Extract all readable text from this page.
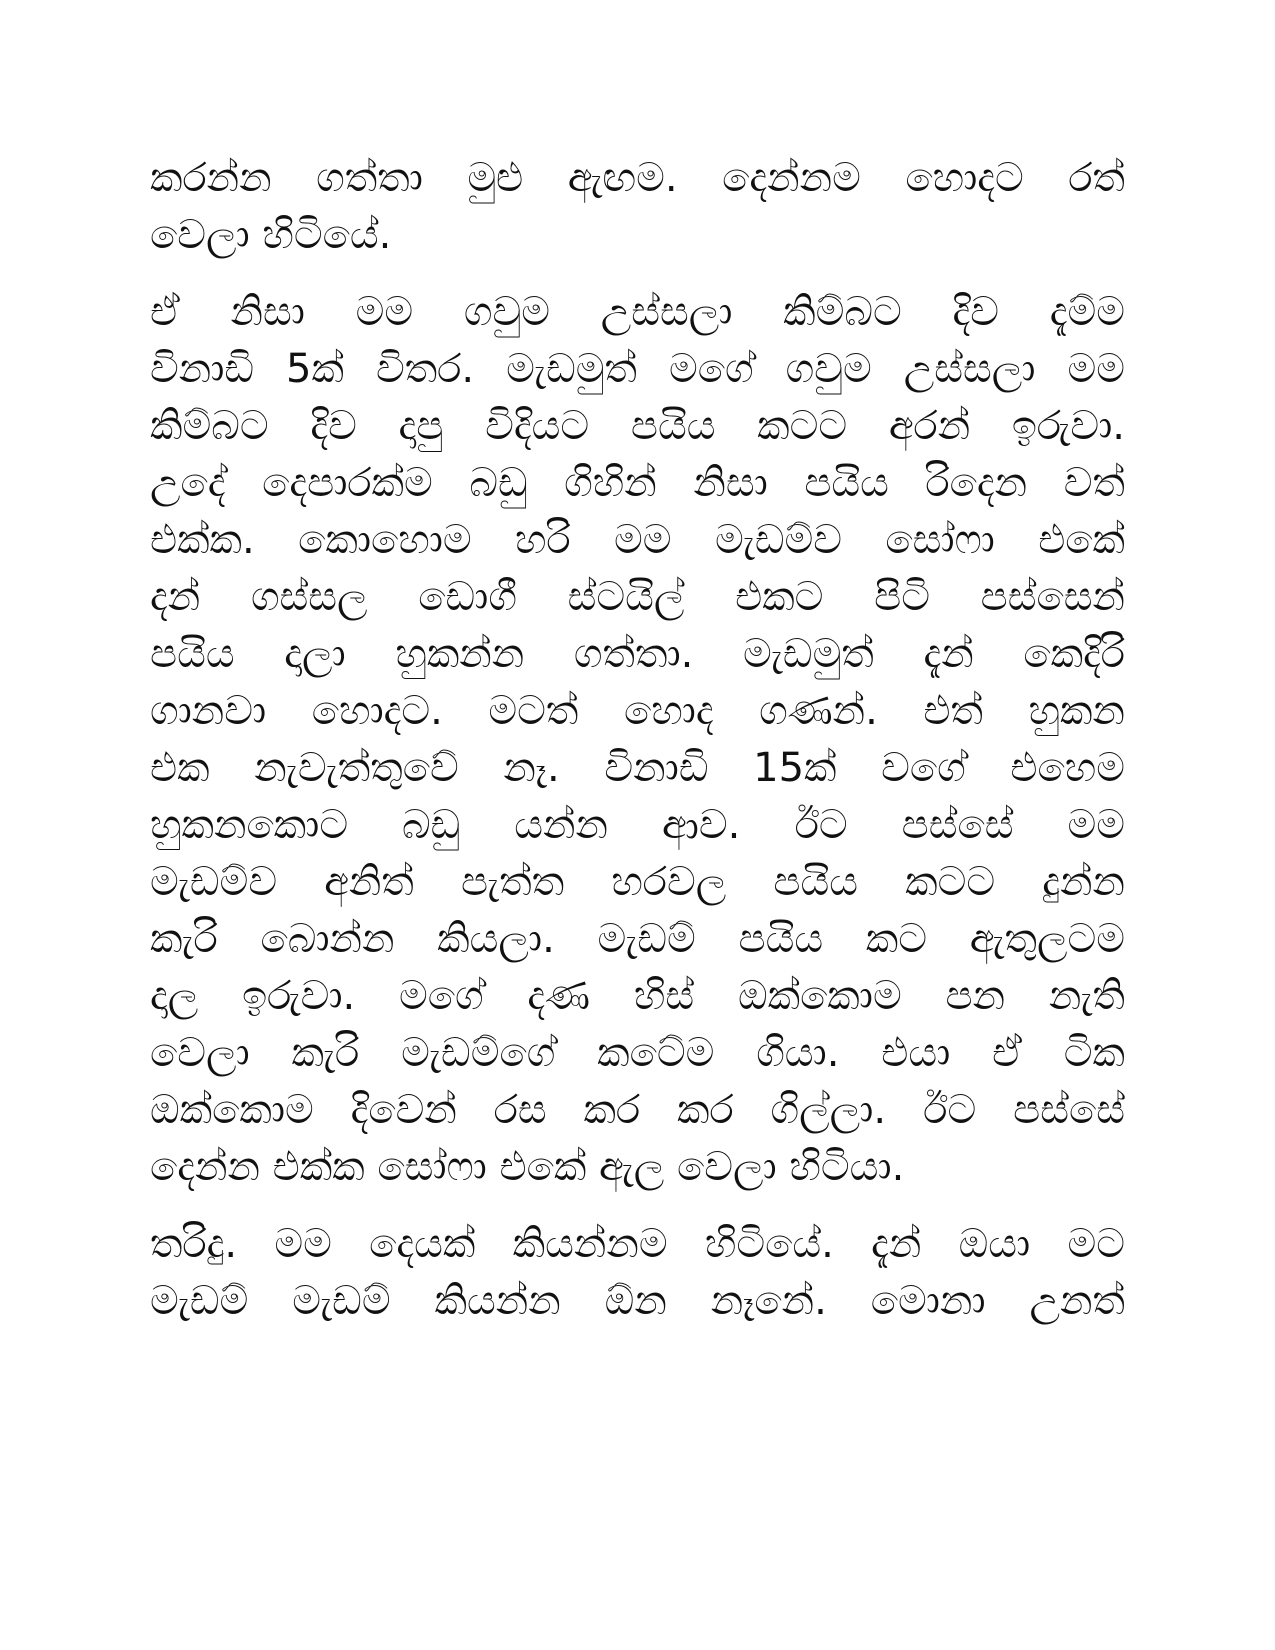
කරන්න ගත්තා මුළු ඇඟම. දෙන්නම හොදට රත්
වෙලා හිටියේ.
ඒ නිසා මම ගවුම උස්සලා කිම්බට දිව දැම්ම
විනාඩි 5ක් විතර. මැඩමුත් මගේ ගවුම උස්සලා මම
කිම්බට දිව දාපු විදියට පයිය කටට අරන් ඉරුවා.
උදේ දෙපාරක්ම බඩු ගිහින් නිසා පයිය රිදෙන වත්
එක්ක. කොහොම හරි මම මැඩම්ව සෝෆා එකේ
දන් ගස්සල ඩොගී ස්ටයිල් එකට පිටි පස්සෙන්
පයිය දාලා හුකන්න ගත්තා. මැඩමුත් දැන් කෙදිරි
ගානවා හොදට. මටත් හොද ගණන්. එත් හුකන
එක නැවැත්තුවේ නෑ. විනාඩි 15ක් වගේ එහෙම
හුකනකොට බඩු යන්න ආව. ඊට පස්සේ මම
මැඩම්ව අනිත් පැත්ත හරවල පයිය කටට දුන්න
කැරි බොන්න කියලා. මැඩම් පයිය කට ඇතුලටම
දාල ඉරුවා. මගේ දණ හිස් ඔක්කොම පන නැති
වෙලා කැරි මැඩම්ගේ කටේම ගියා. එයා ඒ ටික
ඔක්කොම දිවෙන් රස කර කර ගිල්ලා. ඊට පස්සේ
දෙන්න එක්ක සෝෆා එකේ ඇල වෙලා හිටියා.
තරිදු. මම දෙයක් කියන්නම හිටියේ. දැන් ඔයා මට
මැඩම් මැඩම් කියන්න ඕන නෑනේ. මොනා උනත්
